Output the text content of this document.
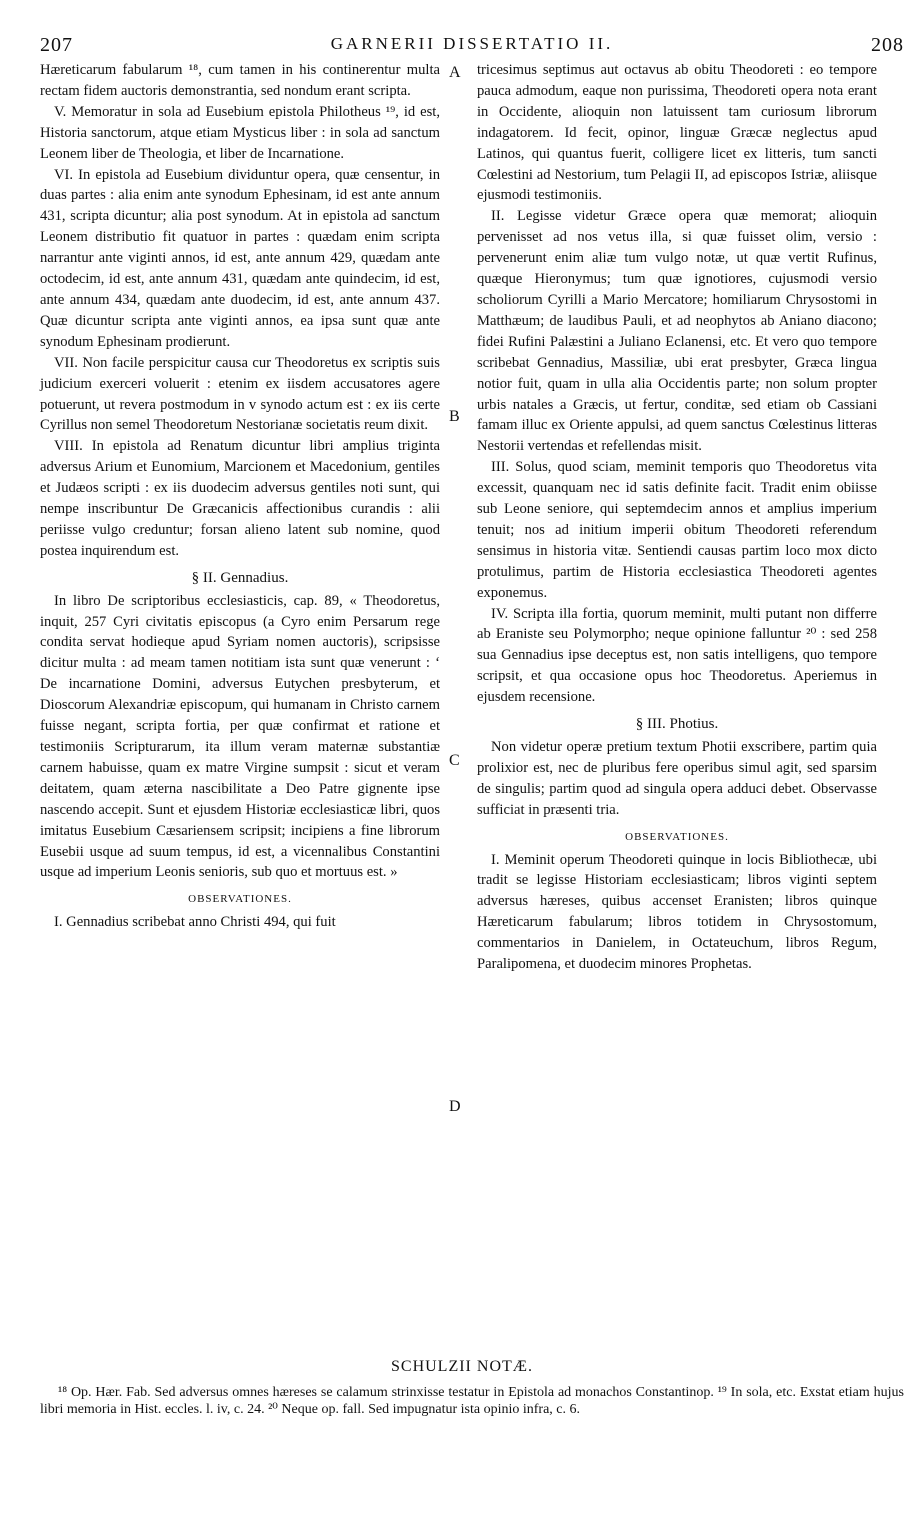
207	GARNERII DISSERTATIO II.	208

Hæreticarum fabularum ¹⁸, cum tamen in his continerentur multa rectam fidem auctoris demonstrantia, sed nondum erant scripta.

V. Memoratur in sola ad Eusebium epistola Philotheus ¹⁹, id est, Historia sanctorum, atque etiam Mysticus liber : in sola ad sanctum Leonem liber de Theologia, et liber de Incarnatione.

VI. In epistola ad Eusebium dividuntur opera, quæ censentur, in duas partes : alia enim ante synodum Ephesinam, id est ante annum 431, scripta dicuntur; alia post synodum. At in epistola ad sanctum Leonem distributio fit quatuor in partes : quædam enim scripta narrantur ante viginti annos, id est, ante annum 429, quædam ante octodecim, id est, ante annum 431, quædam ante quindecim, id est, ante annum 434, quædam ante duodecim, id est, ante annum 437. Quæ dicuntur scripta ante viginti annos, ea ipsa sunt quæ ante synodum Ephesinam prodierunt.

VII. Non facile perspicitur causa cur Theodoretus ex scriptis suis judicium exerceri voluerit : etenim ex iisdem accusatores agere potuerunt, ut revera postmodum in v synodo actum est : ex iis certe Cyrillus non semel Theodoretum Nestorianæ societatis reum dixit.

VIII. In epistola ad Renatum dicuntur libri amplius triginta adversus Arium et Eunomium, Marcionem et Macedonium, gentiles et Judæos scripti : ex iis duodecim adversus gentiles noti sunt, qui nempe inscribuntur De Græcanicis affectionibus curandis : alii periisse vulgo creduntur; forsan alieno latent sub nomine, quod postea inquirendum est.

§ II. Gennadius.

In libro De scriptoribus ecclesiasticis, cap. 89, « Theodoretus, inquit, 257 Cyri civitatis episcopus (a Cyro enim Persarum rege condita servat hodieque apud Syriam nomen auctoris), scripsisse dicitur multa : ad meam tamen notitiam ista sunt quæ venerunt : ‘ De incarnatione Domini, adversus Eutychen presbyterum, et Dioscorum Alexandriæ episcopum, qui humanam in Christo carnem fuisse negant, scripta fortia, per quæ confirmat et ratione et testimoniis Scripturarum, ita illum veram maternæ substantiæ carnem habuisse, quam ex matre Virgine sumpsit : sicut et veram deitatem, quam æterna nascibilitate a Deo Patre gignente ipse nascendo accepit. Sunt et ejusdem Historiæ ecclesiasticæ libri, quos imitatus Eusebium Cæsariensem scripsit; incipiens a fine librorum Eusebii usque ad suum tempus, id est, a vicennalibus Constantini usque ad imperium Leonis senioris, sub quo et mortuus est. »

OBSERVATIONES.

I. Gennadius scribebat anno Christi 494, qui fuit

A
B
C
D

tricesimus septimus aut octavus ab obitu Theodoreti : eo tempore pauca admodum, eaque non purissima, Theodoreti opera nota erant in Occidente, alioquin non latuissent tam curiosum librorum indagatorem. Id fecit, opinor, linguæ Græcæ neglectus apud Latinos, qui quantus fuerit, colligere licet ex litteris, tum sancti Cœlestini ad Nestorium, tum Pelagii II, ad episcopos Istriæ, aliisque ejusmodi testimoniis.

II. Legisse videtur Græce opera quæ memorat; alioquin pervenisset ad nos vetus illa, si quæ fuisset olim, versio : pervenerunt enim aliæ tum vulgo notæ, ut quæ vertit Rufinus, quæque Hieronymus; tum quæ ignotiores, cujusmodi versio scholiorum Cyrilli a Mario Mercatore; homiliarum Chrysostomi in Matthæum; de laudibus Pauli, et ad neophytos ab Aniano diacono; fidei Rufini Palæstini a Juliano Eclanensi, etc. Et vero quo tempore scribebat Gennadius, Massiliæ, ubi erat presbyter, Græca lingua notior fuit, quam in ulla alia Occidentis parte; non solum propter urbis natales a Græcis, ut fertur, conditæ, sed etiam ob Cassiani famam illuc ex Oriente appulsi, ad quem sanctus Cœlestinus litteras Nestorii vertendas et refellendas misit.

III. Solus, quod sciam, meminit temporis quo Theodoretus vita excessit, quanquam nec id satis definite facit. Tradit enim obiisse sub Leone seniore, qui septemdecim annos et amplius imperium tenuit; nos ad initium imperii obitum Theodoreti referendum sensimus in historia vitæ. Sentiendi causas partim loco mox dicto protulimus, partim de Historia ecclesiastica Theodoreti agentes exponemus.

IV. Scripta illa fortia, quorum meminit, multi putant non differre ab Eraniste seu Polymorpho; neque opinione falluntur ²⁰ : sed 258 sua Gennadius ipse deceptus est, non satis intelligens, quo tempore scripsit, et qua occasione opus hoc Theodoretus. Aperiemus in ejusdem recensione.

§ III. Photius.

Non videtur operæ pretium textum Photii exscribere, partim quia prolixior est, nec de pluribus fere operibus simul agit, sed sparsim de singulis; partim quod ad singula opera adduci debet. Observasse sufficiat in præsenti tria.

OBSERVATIONES.

I. Meminit operum Theodoreti quinque in locis Bibliothecæ, ubi tradit se legisse Historiam ecclesiasticam; libros viginti septem adversus hæreses, quibus accenset Eranisten; libros quinque Hæreticarum fabularum; libros totidem in Chrysostomum, commentarios in Danielem, in Octateuchum, libros Regum, Paralipomena, et duodecim minores Prophetas.

SCHULZII NOTÆ.

¹⁸ Op. Hær. Fab. Sed adversus omnes hæreses se calamum strinxisse testatur in Epistola ad monachos Constantinop. ¹⁹ In sola, etc. Exstat etiam hujus libri memoria in Hist. eccles. l. iv, c. 24. ²⁰ Neque op. fall. Sed impugnatur ista opinio infra, c. 6.
